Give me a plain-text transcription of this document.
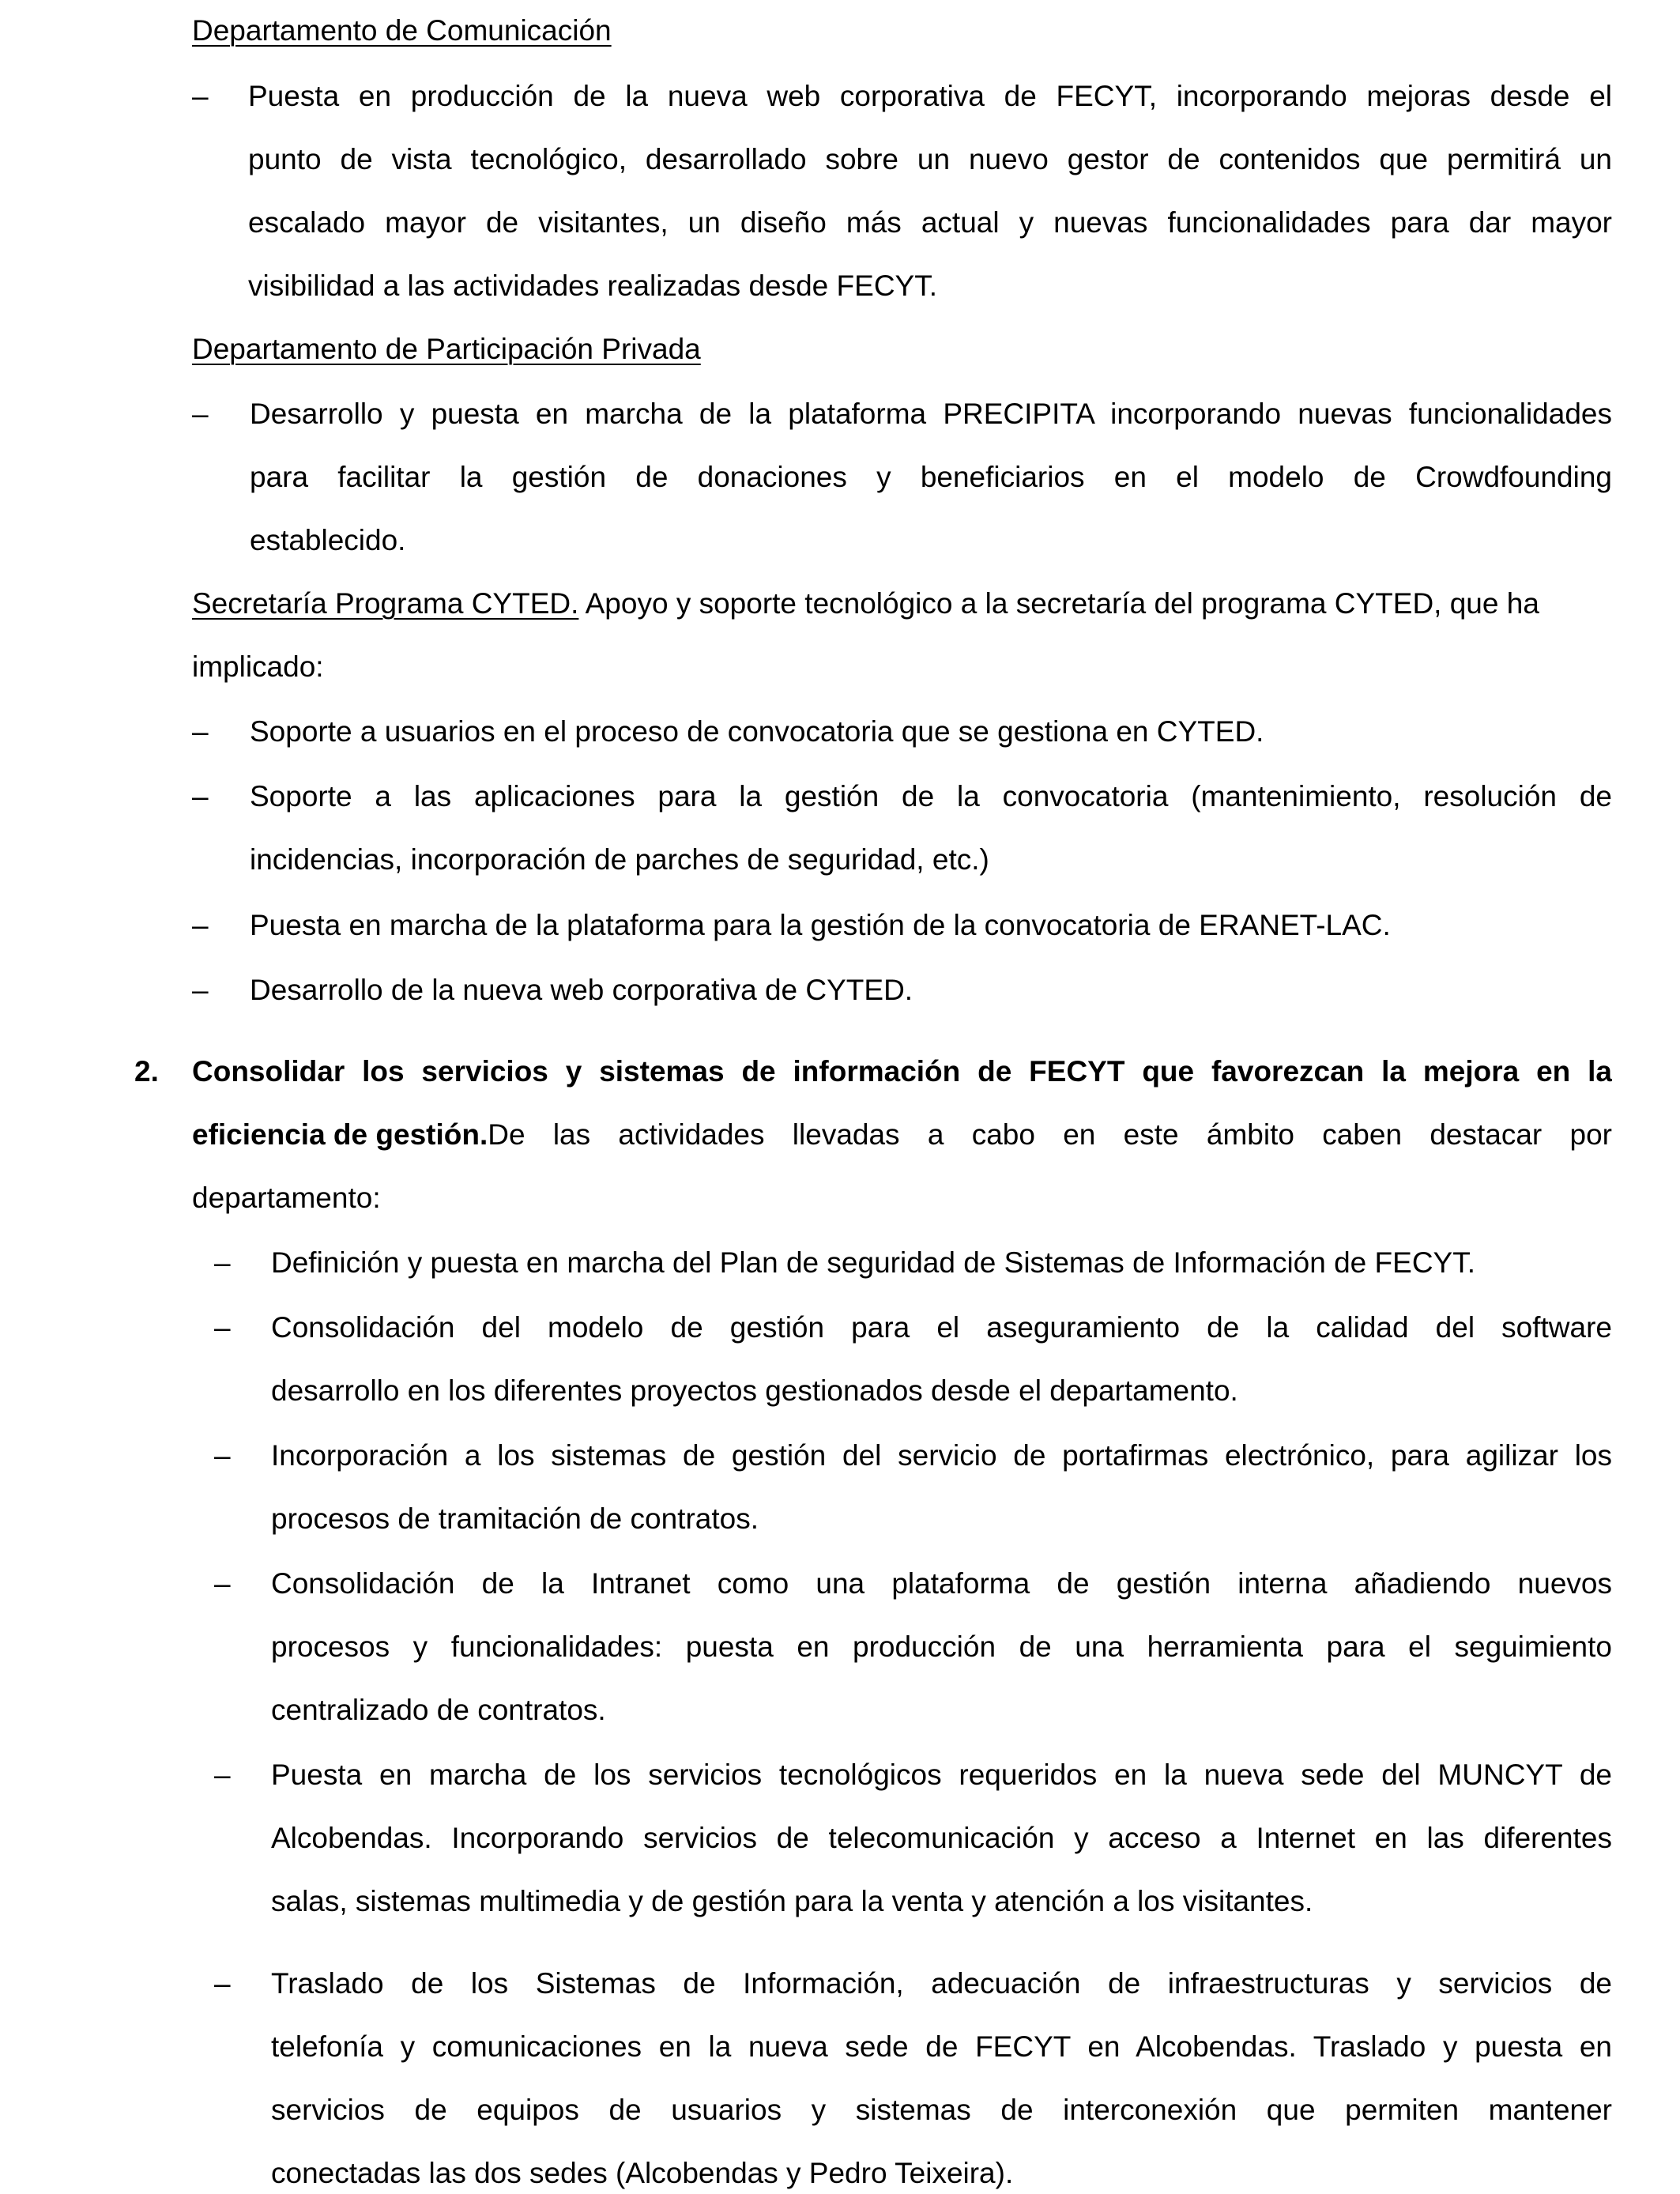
Departamento de Comunicación
– Puesta en producción de la nueva web corporativa de FECYT, incorporando mejoras desde el
punto de vista tecnológico, desarrollado sobre un nuevo gestor de contenidos que permitirá un
escalado mayor de visitantes, un diseño más actual y nuevas funcionalidades para dar mayor
visibilidad a las actividades realizadas desde FECYT.
Departamento de Participación Privada
– Desarrollo y puesta en marcha de la plataforma PRECIPITA incorporando nuevas funcionalidades
para facilitar la gestión de donaciones y beneficiarios en el modelo de Crowdfounding
establecido.
Secretaría Programa CYTED. Apoyo y soporte tecnológico a la secretaría del programa CYTED, que ha
implicado:
– Soporte a usuarios en el proceso de convocatoria que se gestiona en CYTED.
– Soporte a las aplicaciones para la gestión de la convocatoria (mantenimiento, resolución de
incidencias, incorporación de parches de seguridad, etc.)
– Puesta en marcha de la plataforma para la gestión de la convocatoria de ERANET-LAC.
– Desarrollo de la nueva web corporativa de CYTED.
2. Consolidar los servicios y sistemas de información de FECYT que favorezcan la mejora en la
eficiencia de gestión. De las actividades llevadas a cabo en este ámbito caben destacar por
departamento:
– Definición y puesta en marcha del Plan de seguridad de Sistemas de Información de FECYT.
– Consolidación del modelo de gestión para el aseguramiento de la calidad del software
desarrollo en los diferentes proyectos gestionados desde el departamento.
– Incorporación a los sistemas de gestión del servicio de portafirmas electrónico, para agilizar los
procesos de tramitación de contratos.
– Consolidación de la Intranet como una plataforma de gestión interna añadiendo nuevos
procesos y funcionalidades: puesta en producción de una herramienta para el seguimiento
centralizado de contratos.
– Puesta en marcha de los servicios tecnológicos requeridos en la nueva sede del MUNCYT de
Alcobendas. Incorporando servicios de telecomunicación y acceso a Internet en las diferentes
salas, sistemas multimedia y de gestión para la venta y atención a los visitantes.
– Traslado de los Sistemas de Información, adecuación de infraestructuras y servicios de
telefonía y comunicaciones en la nueva sede de FECYT en Alcobendas. Traslado y puesta en
servicios de equipos de usuarios y sistemas de interconexión que permiten mantener
conectadas las dos sedes (Alcobendas y Pedro Teixeira).
